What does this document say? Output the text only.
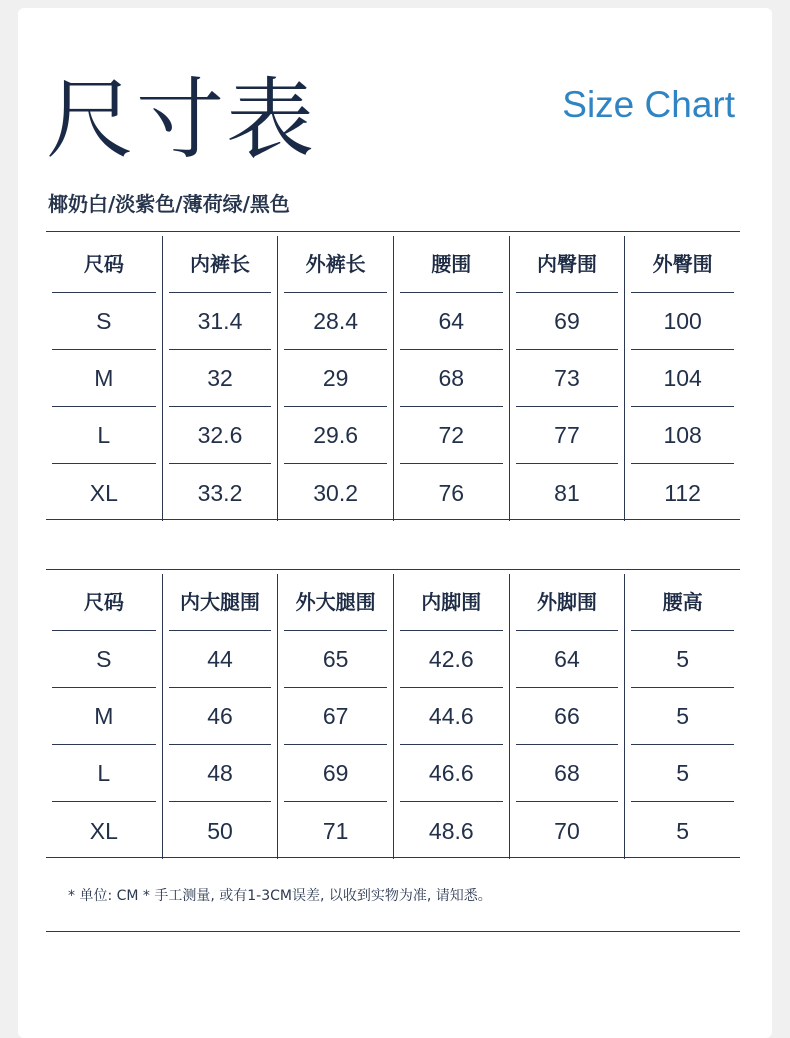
尺寸表	Size Chart
椰奶白/淡紫色/薄荷绿/黑色
尺码	内裤长	外裤长	腰围	内臀围	外臀围

S	31.4	28.4	64	69	100

M	32	29	68	73	104

L	32.6	29.6	72	77	108

XL	33.2	30.2	76	81	112
尺码	内大腿围	外大腿围	内脚围	外脚围	腰高

S	44	65	42.6	64	5

M	46	67	44.6	66	5

L	48	69	46.6	68	5

XL	50	71	48.6	70	5
* 单位: CM * 手工测量, 或有1-3CM误差, 以收到实物为准, 请知悉。
